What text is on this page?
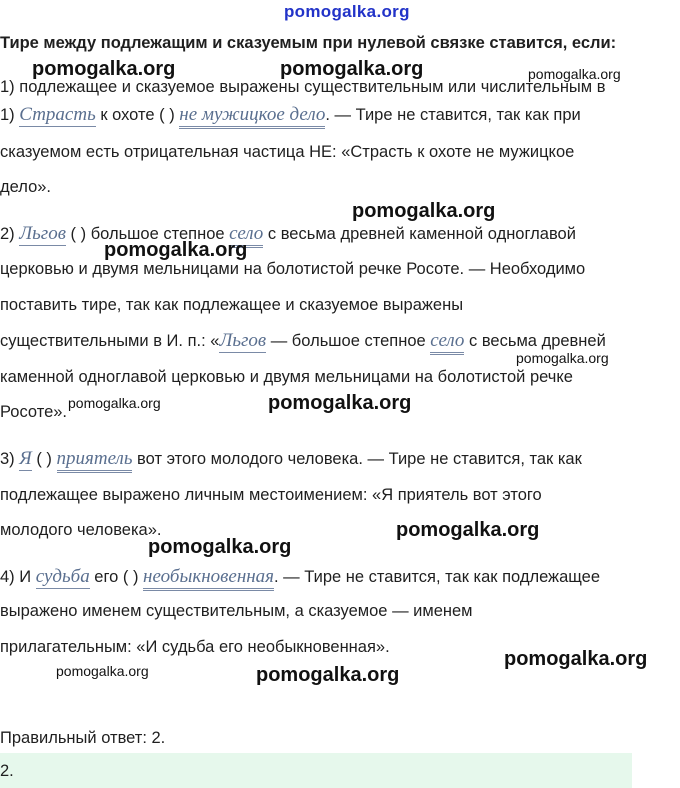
pomogalka.org
Тире между подлежащим и сказуемым при нулевой связке ставится, если:
1) подлежащее и сказуемое выражены существительным или числительным в
1) Страсть к охоте ( ) не мужицкое дело. — Тире не ставится, так как при
сказуемом есть отрицательная частица НЕ: «Страсть к охоте не мужицкое
дело».
2) Льгов ( ) большое степное село с весьма древней каменной одноглавой
церковью и двумя мельницами на болотистой речке Росоте. — Необходимо
поставить тире, так как подлежащее и сказуемое выражены
существительными в И. п.: «Льгов — большое степное село с весьма древней
каменной одноглавой церковью и двумя мельницами на болотистой речке
Росоте».
3) Я ( ) приятель вот этого молодого человека. — Тире не ставится, так как
подлежащее выражено личным местоимением: «Я приятель вот этого
молодого человека».
4) И судьба его ( ) необыкновенная. — Тире не ставится, так как подлежащее
выражено именем существительным, а сказуемое — именем
прилагательным: «И судьба его необыкновенная».
Правильный ответ: 2.
2.
pomogalka.org	pomogalka.org	pomogalka.org
pomogalka.org
pomogalka.org
pomogalka.org
pomogalka.org	pomogalka.org
pomogalka.org
pomogalka.org
pomogalka.org
pomogalka.org	pomogalka.org
